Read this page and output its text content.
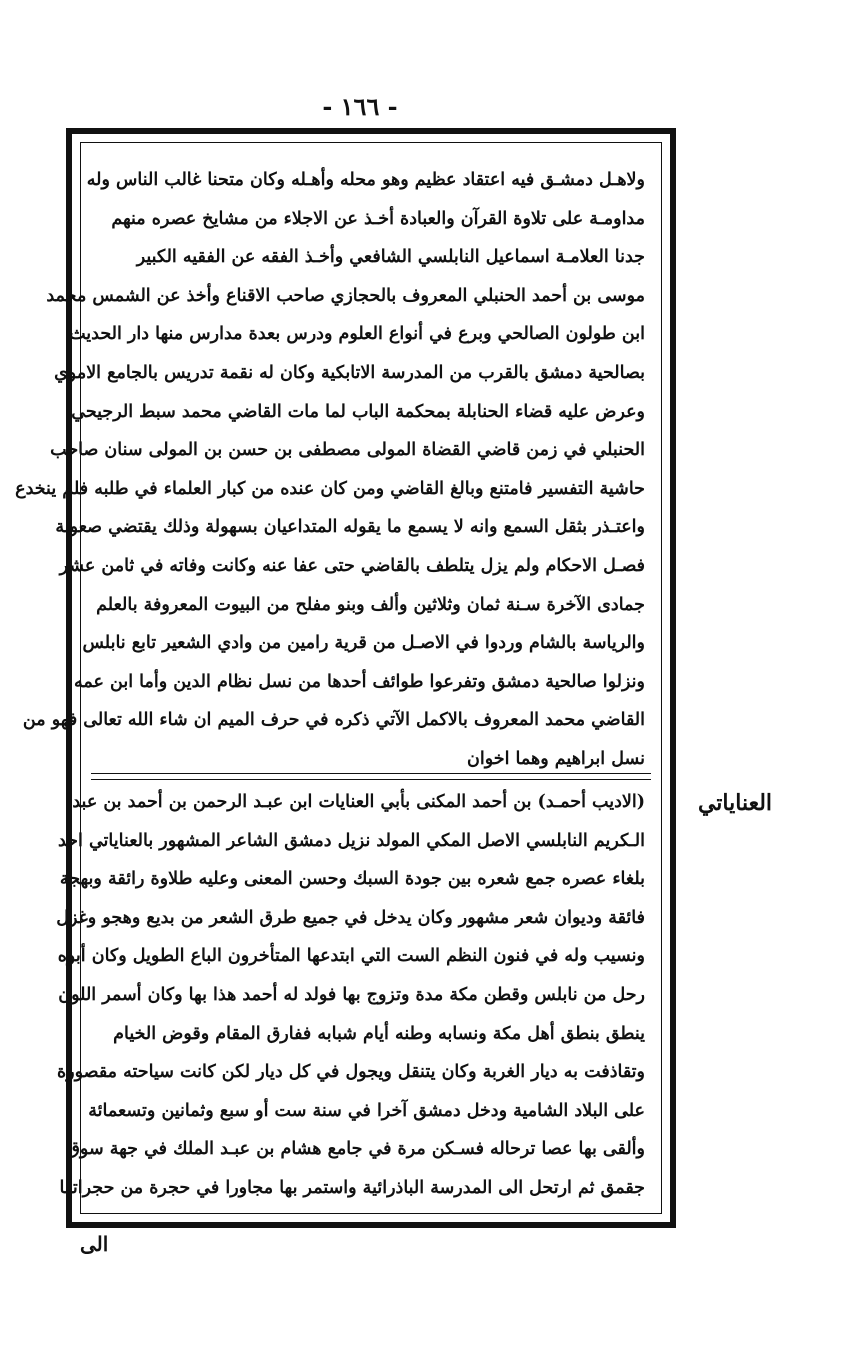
- ١٦٦ -

ولاهـل دمشـق فيه اعتقاد عظيم وهو محله وأهـله وكان متحنا غالب الناس وله

مداومـة على تلاوة القرآن والعبادة أخـذ عن الاجلاء من مشايخ عصره منهم

جدنا العلامـة اسماعيل النابلسي الشافعي وأخـذ الفقه عن الفقيه الكبير

موسى بن أحمد الحنبلي المعروف بالحجازي صاحب الاقناع وأخذ عن الشمس محمد

ابن طولون الصالحي وبرع في أنواع العلوم ودرس بعدة مدارس منها دار الحديث

بصالحية دمشق بالقرب من المدرسة الاتابكية وكان له نقمة تدريس بالجامع الاموي

وعرض عليه قضاء الحنابلة بمحكمة الباب لما مات القاضي محمد سبط الرجيحي

الحنبلي في زمن قاضي القضاة المولى مصطفى بن حسن بن المولى سنان صاحب

حاشية التفسير فامتنع وبالغ القاضي ومن كان عنده من كبار العلماء في طلبه فلم ينخدع

واعتـذر بثقل السمع وانه لا يسمع ما يقوله المتداعيان بسهولة وذلك يقتضي صعوبة

فصـل الاحكام ولم يزل يتلطف بالقاضي حتى عفا عنه وكانت وفاته في ثامن عشر

جمادى الآخرة سـنة ثمان وثلاثين وألف وبنو مفلح من البيوت المعروفة بالعلم

والرياسة بالشام وردوا في الاصـل من قرية رامين من وادي الشعير تابع نابلس

ونزلوا صالحية دمشق وتفرعوا طوائف أحدها من نسل نظام الدين وأما ابن عمه

القاضي محمد المعروف بالاكمل الآتي ذكره في حرف الميم ان شاء الله تعالى فهو من

نسل ابراهيم وهما اخوان

(الاديب أحمـد) بن أحمد المكنى بأبي العنايات ابن عبـد الرحمن بن أحمد بن عبد

الـكريم النابلسي الاصل المكي المولد نزيل دمشق الشاعر المشهور بالعناياتي احد

بلغاء عصره جمع شعره بين جودة السبك وحسن المعنى وعليه طلاوة رائقة وبهجة

فائقة وديوان شعر مشهور وكان يدخل في جميع طرق الشعر من بديع وهجو وغزل

ونسيب وله في فنون النظم الست التي ابتدعها المتأخرون الباع الطويل وكان أبوه

رحل من نابلس وقطن مكة مدة وتزوج بها فولد له أحمد هذا بها وكان أسمر اللون

ينطق بنطق أهل مكة ونسابه وطنه أيام شبابه ففارق المقام وقوض الخيام

وتقاذفت به ديار الغربة وكان يتنقل ويجول في كل ديار لكن كانت سياحته مقصورة

على البلاد الشامية ودخل دمشق آخرا في سنة ست أو سبع وثمانين وتسعمائة

وألقى بها عصا ترحاله فسـكن مرة في جامع هشام بن عبـد الملك في جهة سوق

جقمق ثم ارتحل الى المدرسة الباذرائية واستمر بها مجاورا في حجرة من حجراتها

العناياتي
الى
